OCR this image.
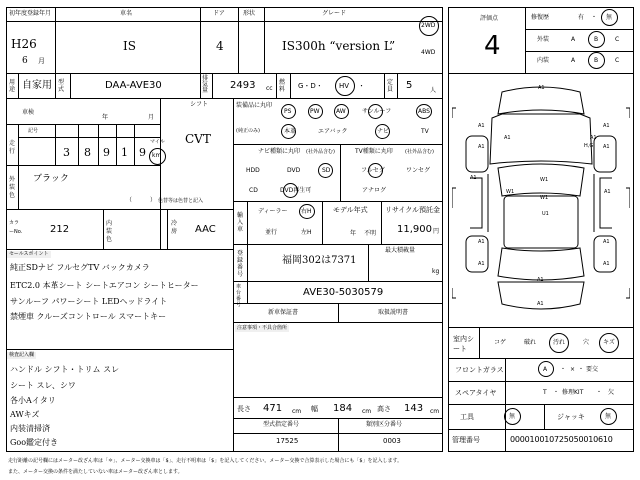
初年度登録年月	車名	ドア	形状	グレード
H26
6 月
IS	4	IS300h “version L”
2WD
4WD
用途 自家用 型式	DAA-AVE30
排気量 2493 cc
燃料 G・D・ HV ・	定員 5	人
シフト
CVT
車検
年	月
走行
記号
3 8 9 1 9
マイル
km
外装色
ブラック
（	） 色替等は色替と記入
カラーNo.	212
内装色
冷房 AAC
セールスポイント
純正SDナビ フルセグTV バックカメラ
ETC2.0 本革シート シートエアコン シートヒーター
サンルーフ パワーシート LEDヘッドライト
禁煙車 クルーズコントロール スマートキー
検査記入欄
ハンドル シフト・トリム スレ
シート スレ、シワ
各小Aイタリ
AWキズ
内装清掃済
Goo鑑定付き
装備品に丸印
(純正のみ)
PS	PW	AW	サンルーフ	ABS
本革	エアバック	ナビ	TV
ナビ種類に丸印 (社外品含む)
HDD	DVD	SD
CD	DVD再生可
TV種類に丸印 (社外品含む)
フルセグ	ワンセグ
アナログ
輸入車
ディーラー 右H
並行	左H
モデル年式
年 不明
リサイクル預託金
11,900 円
登録番号
福岡302は7371
最大積載量
kg
車台番号
AVE30-5030579
新車保証書	取扱説明書
注意事項・不具合箇所
長さ 471 cm 幅 184 cm 高さ 143 cm
型式指定番号
17525
類別区分番号
0003
評価点
4
修復歴	有 ・ 無
外装	A	B	C
内装	A	B	C
A1
A1	A1
A1	A1
A1	A1
H,G
A1	W1
W1
W1
A1
U1
A1	A1
A1	A1
A1
A1
室内シート
コゲ	破れ	汚れ	穴 キズ
フロントガラス	A ・ × ・ 要交
スペアタイヤ	T ・ 修理KIT ・ 欠
工具	無	ジャッキ	無
管理番号	000010010725050010610
走行距離の記号欄にはメーター改ざん車は「＊」、メーター交換車は「$」、走行不明車は「$」を記入してください。メーター交換で合算表示した場合にも「$」を記入します。
また、メーター交換の条件を満たしていない車はメーター改ざん車とします。
